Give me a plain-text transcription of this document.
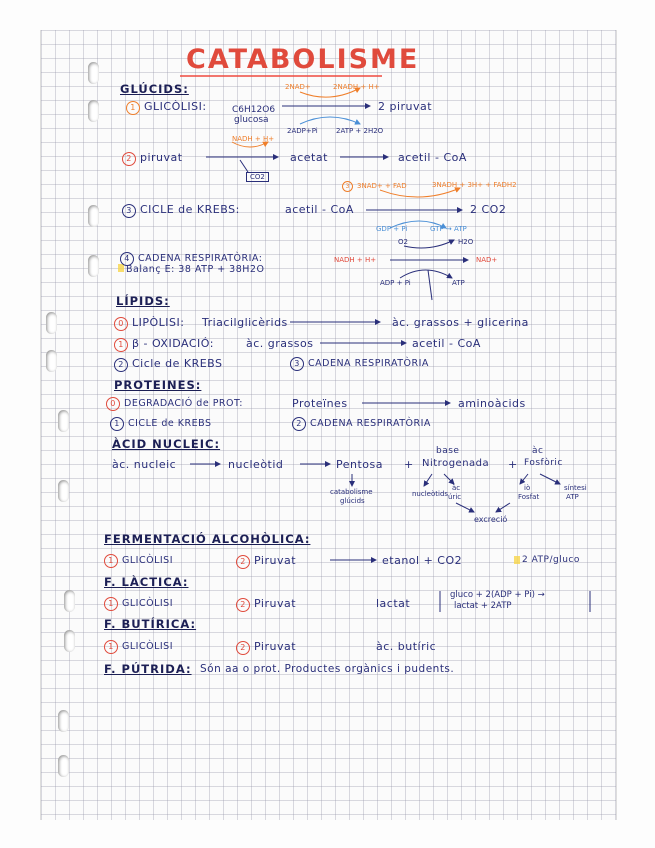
CATABOLISME
GLÚCIDS:
1 GLICÒLISI:	C6H12O6
glucosa
2NAD+	2NADH + H+
2ADP+Pi	2ATP + 2H2O
2 piruvat
2 piruvat
NADH + H+
CO2
acetat	acetil - CoA
3 CICLE de KREBS:
3 3NAD+ + FAD	3NADH + 3H+ + FADH2
acetil - CoA	2 CO2
GDP + Pi	GTP → ATP
4 CADENA RESPIRATÒRIA:
Balanç E: 38 ATP + 38H2O
NADH + H+
O2	H2O
NAD+
ADP + Pi	ATP
LÍPIDS:
0 LIPÒLISI: Triacilglicèrids	àc. grassos + glicerina
1 β - OXIDACIÓ:	àc. grassos	acetil - CoA
2 Cicle de KREBS	3 CADENA RESPIRATÒRIA
PROTEINES:
0 DEGRADACIÓ de PROT:	Proteïnes	aminoàcids
1 CICLE de KREBS	2 CADENA RESPIRATÒRIA
ÀCID NUCLEIC:
àc. nucleic	nucleòtid	Pentosa +
base
Nitrogenada +
àc
Fosfòric
catabolisme
glúcids
nucleòtids
àc
úric
iò
Fosfat
síntesi
ATP
excreció
FERMENTACIÓ ALCOHÒLICA:
1 GLICÒLISI	2 Piruvat	etanol + CO2	2 ATP/gluco
F. LÀCTICA:
1 GLICÒLISI	2 Piruvat	lactat
gluco + 2(ADP + Pi) →
lactat + 2ATP
F. BUTÍRICA:
1 GLICÒLISI	2 Piruvat	àc. butíric
F. PÚTRIDA: Són aa o prot. Productes orgànics i pudents.
